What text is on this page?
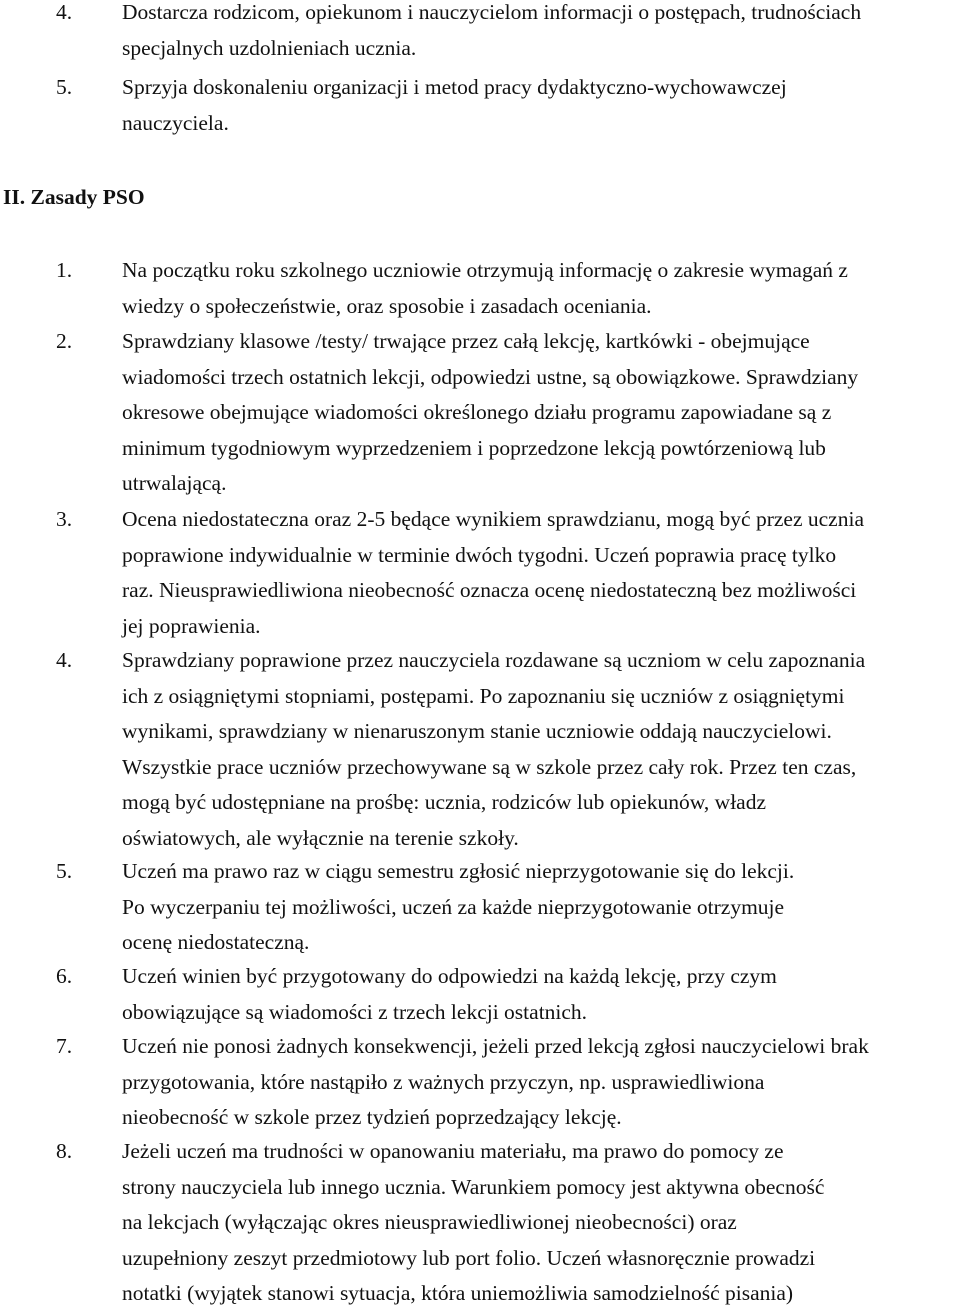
4. Dostarcza rodzicom, opiekunom i nauczycielom informacji o postępach, trudnościach
specjalnych uzdolnieniach ucznia.
5. Sprzyja doskonaleniu organizacji i metod pracy dydaktyczno-wychowawczej
nauczyciela.
II. Zasady PSO
1. Na początku roku szkolnego uczniowie otrzymują informację o zakresie wymagań z
wiedzy o społeczeństwie, oraz sposobie i zasadach oceniania.
2. Sprawdziany klasowe /testy/ trwające przez całą lekcję, kartkówki - obejmujące
wiadomości trzech ostatnich lekcji, odpowiedzi ustne, są obowiązkowe. Sprawdziany
okresowe obejmujące wiadomości określonego działu programu zapowiadane są z
minimum tygodniowym wyprzedzeniem i poprzedzone lekcją powtórzeniową lub
utrwalającą.
3. Ocena niedostateczna oraz 2-5 będące wynikiem sprawdzianu, mogą być przez ucznia
poprawione indywidualnie w terminie dwóch tygodni. Uczeń poprawia pracę tylko
raz. Nieusprawiedliwiona nieobecność oznacza ocenę niedostateczną bez możliwości
jej poprawienia.
4. Sprawdziany poprawione przez nauczyciela rozdawane są uczniom w celu zapoznania
ich z osiągniętymi stopniami, postępami. Po zapoznaniu się uczniów z osiągniętymi
wynikami, sprawdziany w nienaruszonym stanie uczniowie oddają nauczycielowi.
Wszystkie prace uczniów przechowywane są w szkole przez cały rok. Przez ten czas,
mogą być udostępniane na prośbę: ucznia, rodziców lub opiekunów, władz
oświatowych, ale wyłącznie na terenie szkoły.
5. Uczeń ma prawo raz w ciągu semestru zgłosić nieprzygotowanie się do lekcji.
Po wyczerpaniu tej możliwości, uczeń za każde nieprzygotowanie otrzymuje
ocenę niedostateczną.
6. Uczeń winien być przygotowany do odpowiedzi na każdą lekcję, przy czym
obowiązujące są wiadomości z trzech lekcji ostatnich.
7. Uczeń nie ponosi żadnych konsekwencji, jeżeli przed lekcją zgłosi nauczycielowi brak
przygotowania, które nastąpiło z ważnych przyczyn, np. usprawiedliwiona
nieobecność w szkole przez tydzień poprzedzający lekcję.
8. Jeżeli uczeń ma trudności w opanowaniu materiału, ma prawo do pomocy ze
strony nauczyciela lub innego ucznia. Warunkiem pomocy jest aktywna obecność
na lekcjach (wyłączając okres nieusprawiedliwionej nieobecności) oraz
uzupełniony zeszyt przedmiotowy lub port folio. Uczeń własnoręcznie prowadzi
notatki (wyjątek stanowi sytuacja, która uniemożliwia samodzielność pisania)
